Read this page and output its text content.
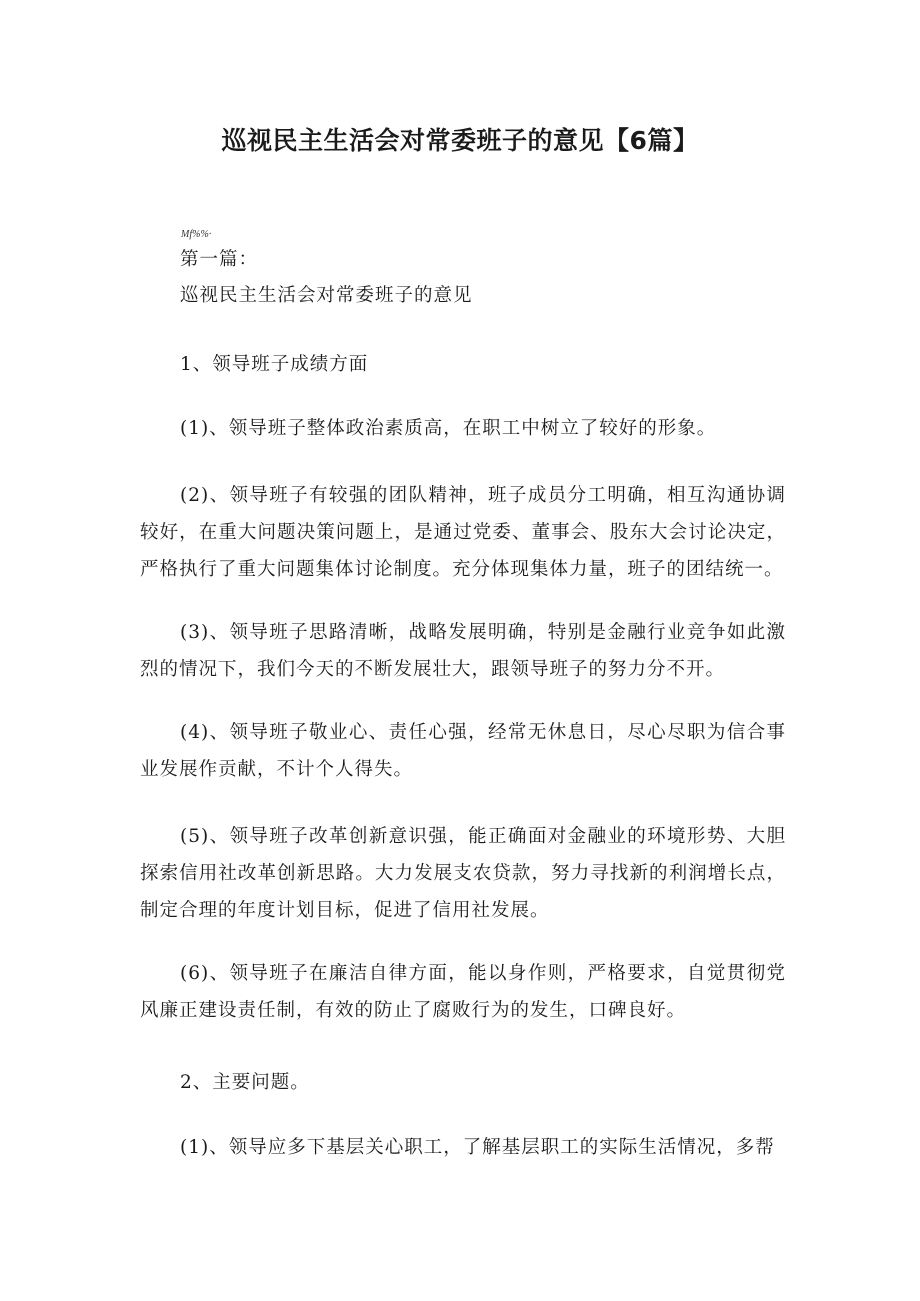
巡视民主生活会对常委班子的意见【6篇】
Mf%%·
第一篇：
巡视民主生活会对常委班子的意见
1、领导班子成绩方面
(1)、领导班子整体政治素质高，在职工中树立了较好的形象。
(2)、领导班子有较强的团队精神，班子成员分工明确，相互沟通协调较好，在重大问题决策问题上，是通过党委、董事会、股东大会讨论决定，严格执行了重大问题集体讨论制度。充分体现集体力量，班子的团结统一。
(3)、领导班子思路清晰，战略发展明确，特别是金融行业竞争如此激烈的情况下，我们今天的不断发展壮大，跟领导班子的努力分不开。
(4)、领导班子敬业心、责任心强，经常无休息日，尽心尽职为信合事业发展作贡献，不计个人得失。
(5)、领导班子改革创新意识强，能正确面对金融业的环境形势、大胆探索信用社改革创新思路。大力发展支农贷款，努力寻找新的利润增长点，制定合理的年度计划目标，促进了信用社发展。
(6)、领导班子在廉洁自律方面，能以身作则，严格要求，自觉贯彻党风廉正建设责任制，有效的防止了腐败行为的发生，口碑良好。
2、主要问题。
(1)、领导应多下基层关心职工，了解基层职工的实际生活情况，多帮
